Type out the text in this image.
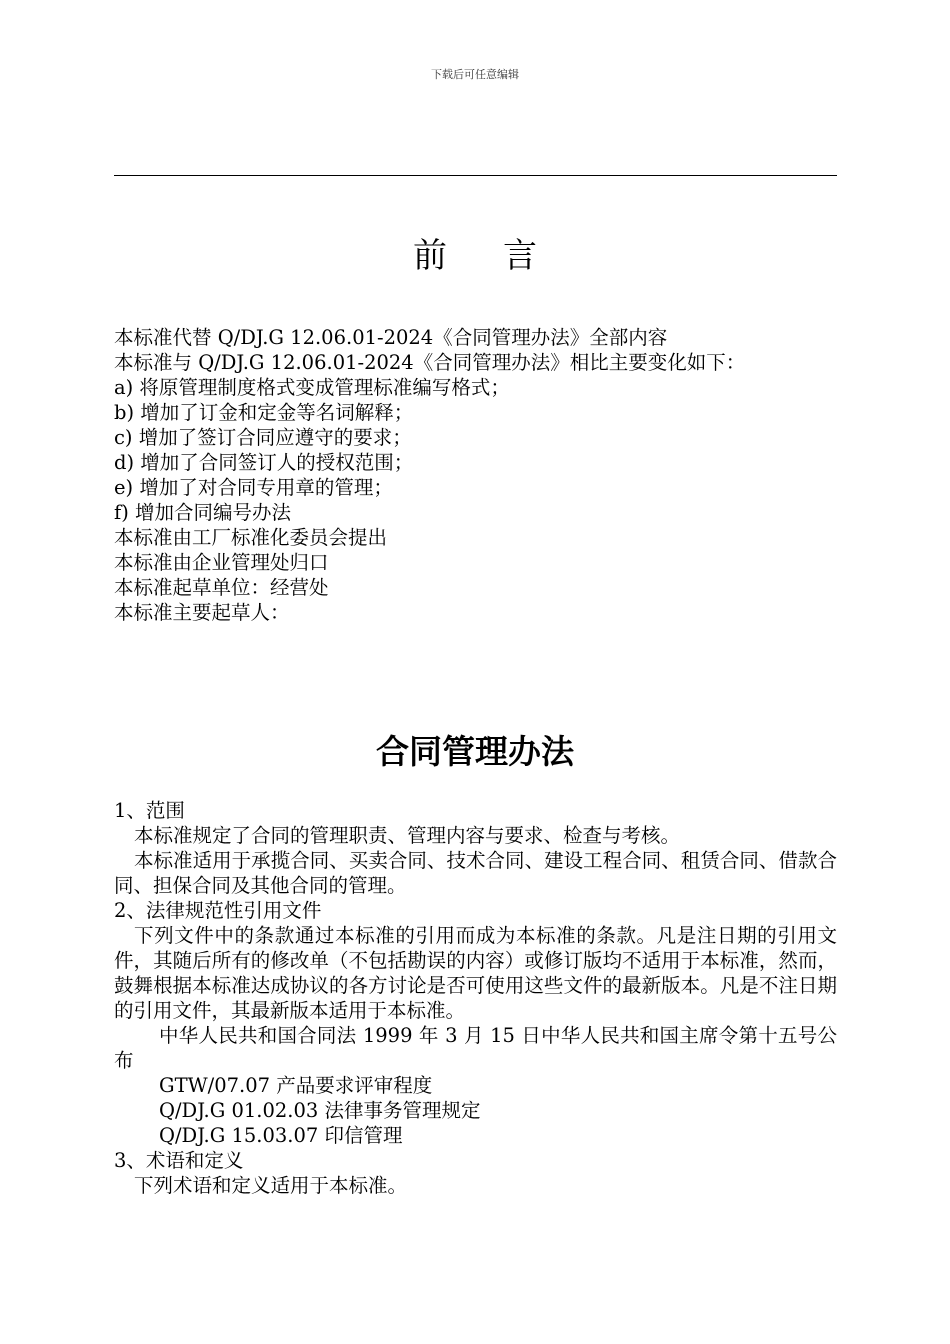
下载后可任意编辑
前 言
本标准代替 Q/DJ.G 12.06.01-2024《合同管理办法》全部内容
本标准与 Q/DJ.G 12.06.01-2024《合同管理办法》相比主要变化如下：
a) 将原管理制度格式变成管理标准编写格式；
b) 增加了订金和定金等名词解释；
c) 增加了签订合同应遵守的要求；
d) 增加了合同签订人的授权范围；
e) 增加了对合同专用章的管理；
f) 增加合同编号办法
本标准由工厂标准化委员会提出
本标准由企业管理处归口
本标准起草单位：经营处
本标准主要起草人：
合同管理办法
1、范围
本标准规定了合同的管理职责、管理内容与要求、检查与考核。
本标准适用于承揽合同、买卖合同、技术合同、建设工程合同、租赁合同、借款合同、担保合同及其他合同的管理。
2、法律规范性引用文件
下列文件中的条款通过本标准的引用而成为本标准的条款。凡是注日期的引用文件，其随后所有的修改单（不包括勘误的内容）或修订版均不适用于本标准，然而，鼓舞根据本标准达成协议的各方讨论是否可使用这些文件的最新版本。凡是不注日期的引用文件，其最新版本适用于本标准。
中华人民共和国合同法 1999 年 3 月 15 日中华人民共和国主席令第十五号公布
GTW/07.07 产品要求评审程度
Q/DJ.G 01.02.03 法律事务管理规定
Q/DJ.G 15.03.07 印信管理
3、术语和定义
下列术语和定义适用于本标准。
